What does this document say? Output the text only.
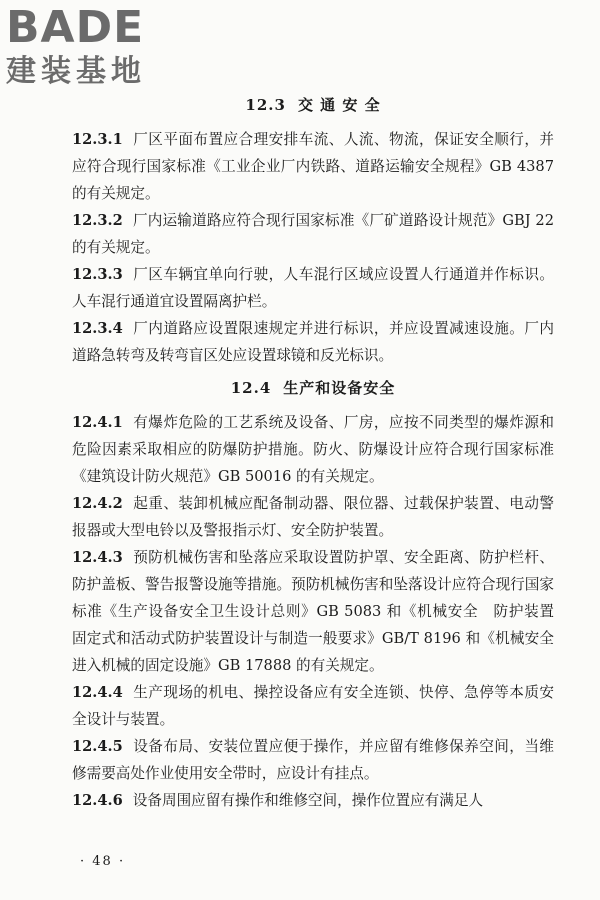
BADE
建装基地
12.3 交 通 安 全

12.3.1 厂区平面布置应合理安排车流、人流、物流，保证安全顺行，并应符合现行国家标准《工业企业厂内铁路、道路运输安全规程》GB 4387 的有关规定。

12.3.2 厂内运输道路应符合现行国家标准《厂矿道路设计规范》GBJ 22 的有关规定。

12.3.3 厂区车辆宜单向行驶，人车混行区域应设置人行通道并作标识。人车混行通道宜设置隔离护栏。

12.3.4 厂内道路应设置限速规定并进行标识，并应设置减速设施。厂内道路急转弯及转弯盲区处应设置球镜和反光标识。

12.4 生产和设备安全

12.4.1 有爆炸危险的工艺系统及设备、厂房，应按不同类型的爆炸源和危险因素采取相应的防爆防护措施。防火、防爆设计应符合现行国家标准《建筑设计防火规范》GB 50016 的有关规定。

12.4.2 起重、装卸机械应配备制动器、限位器、过载保护装置、电动警报器或大型电铃以及警报指示灯、安全防护装置。

12.4.3 预防机械伤害和坠落应采取设置防护罩、安全距离、防护栏杆、防护盖板、警告报警设施等措施。预防机械伤害和坠落设计应符合现行国家标准《生产设备安全卫生设计总则》GB 5083 和《机械安全　防护装置　固定式和活动式防护装置设计与制造一般要求》GB/T 8196 和《机械安全　进入机械的固定设施》GB 17888 的有关规定。

12.4.4 生产现场的机电、操控设备应有安全连锁、快停、急停等本质安全设计与装置。

12.4.5 设备布局、安装位置应便于操作，并应留有维修保养空间，当维修需要高处作业使用安全带时，应设计有挂点。

12.4.6 设备周围应留有操作和维修空间，操作位置应有满足人

· 48 ·
